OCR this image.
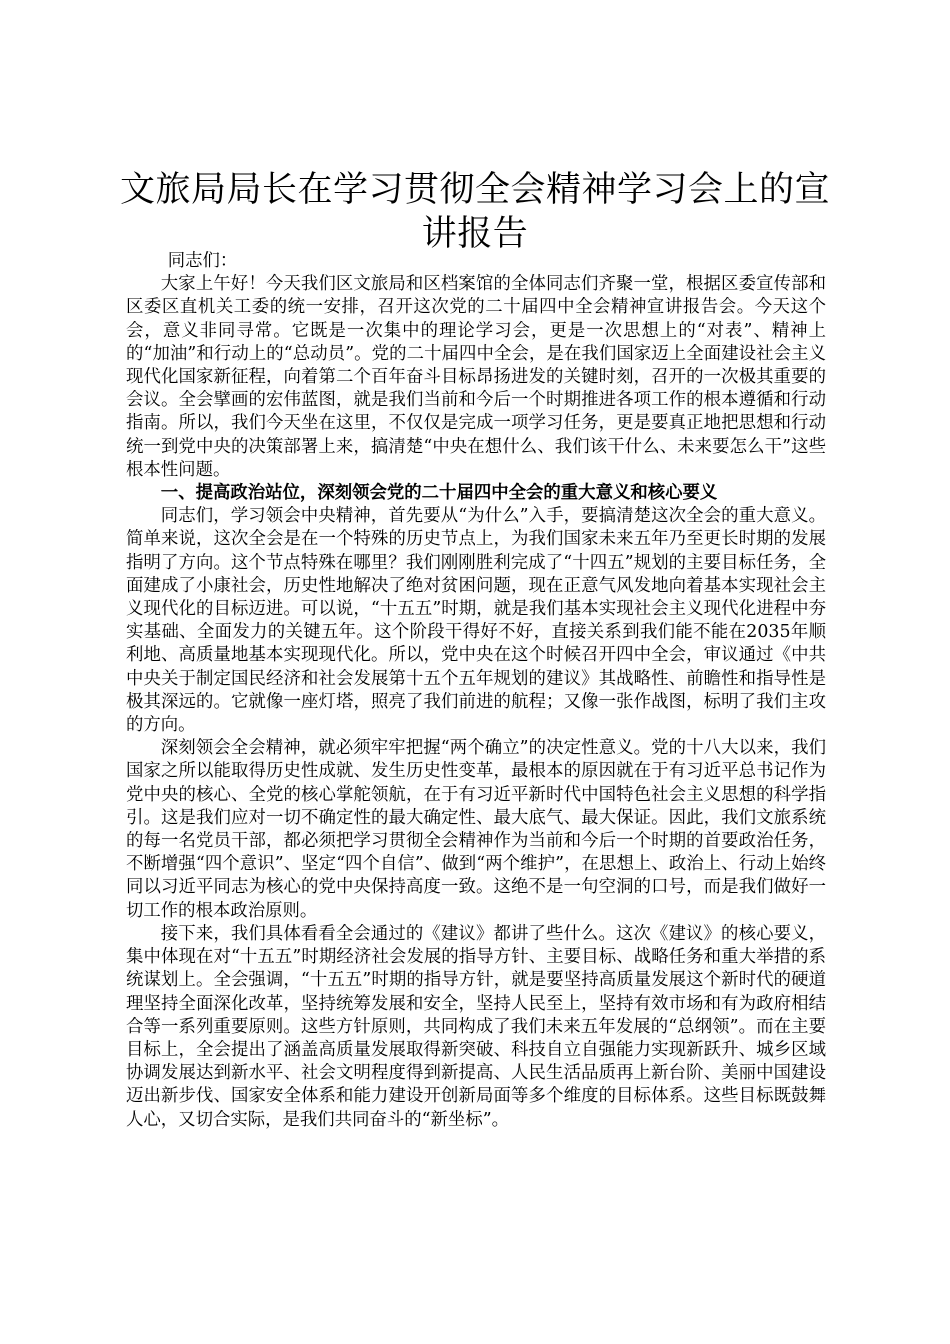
文旅局局长在学习贯彻全会精神学习会上的宣讲报告

同志们：

大家上午好！今天我们区文旅局和区档案馆的全体同志们齐聚一堂，根据区委宣传部和区委区直机关工委的统一安排，召开这次党的二十届四中全会精神宣讲报告会。今天这个会，意义非同寻常。它既是一次集中的理论学习会，更是一次思想上的“对表”、精神上的“加油”和行动上的“总动员”。党的二十届四中全会，是在我们国家迈上全面建设社会主义现代化国家新征程，向着第二个百年奋斗目标昂扬进发的关键时刻，召开的一次极其重要的会议。全会擘画的宏伟蓝图，就是我们当前和今后一个时期推进各项工作的根本遵循和行动指南。所以，我们今天坐在这里，不仅仅是完成一项学习任务，更是要真正地把思想和行动统一到党中央的决策部署上来，搞清楚“中央在想什么、我们该干什么、未来要怎么干”这些根本性问题。

一、提高政治站位，深刻领会党的二十届四中全会的重大意义和核心要义

同志们，学习领会中央精神，首先要从“为什么”入手，要搞清楚这次全会的重大意义。简单来说，这次全会是在一个特殊的历史节点上，为我们国家未来五年乃至更长时期的发展指明了方向。这个节点特殊在哪里？我们刚刚胜利完成了“十四五”规划的主要目标任务，全面建成了小康社会，历史性地解决了绝对贫困问题，现在正意气风发地向着基本实现社会主义现代化的目标迈进。可以说，“十五五”时期，就是我们基本实现社会主义现代化进程中夯实基础、全面发力的关键五年。这个阶段干得好不好，直接关系到我们能不能在2035年顺利地、高质量地基本实现现代化。所以，党中央在这个时候召开四中全会，审议通过《中共中央关于制定国民经济和社会发展第十五个五年规划的建议》其战略性、前瞻性和指导性是极其深远的。它就像一座灯塔，照亮了我们前进的航程；又像一张作战图，标明了我们主攻的方向。

深刻领会全会精神，就必须牢牢把握“两个确立”的决定性意义。党的十八大以来，我们国家之所以能取得历史性成就、发生历史性变革，最根本的原因就在于有习近平总书记作为党中央的核心、全党的核心掌舵领航，在于有习近平新时代中国特色社会主义思想的科学指引。这是我们应对一切不确定性的最大确定性、最大底气、最大保证。因此，我们文旅系统的每一名党员干部，都必须把学习贯彻全会精神作为当前和今后一个时期的首要政治任务，不断增强“四个意识”、坚定“四个自信”、做到“两个维护”，在思想上、政治上、行动上始终同以习近平同志为核心的党中央保持高度一致。这绝不是一句空洞的口号，而是我们做好一切工作的根本政治原则。

接下来，我们具体看看全会通过的《建议》都讲了些什么。这次《建议》的核心要义，集中体现在对“十五五”时期经济社会发展的指导方针、主要目标、战略任务和重大举措的系统谋划上。全会强调，“十五五”时期的指导方针，就是要坚持高质量发展这个新时代的硬道理坚持全面深化改革，坚持统筹发展和安全，坚持人民至上，坚持有效市场和有为政府相结合等一系列重要原则。这些方针原则，共同构成了我们未来五年发展的“总纲领”。而在主要目标上，全会提出了涵盖高质量发展取得新突破、科技自立自强能力实现新跃升、城乡区域协调发展达到新水平、社会文明程度得到新提高、人民生活品质再上新台阶、美丽中国建设迈出新步伐、国家安全体系和能力建设开创新局面等多个维度的目标体系。这些目标既鼓舞人心，又切合实际，是我们共同奋斗的“新坐标”。
